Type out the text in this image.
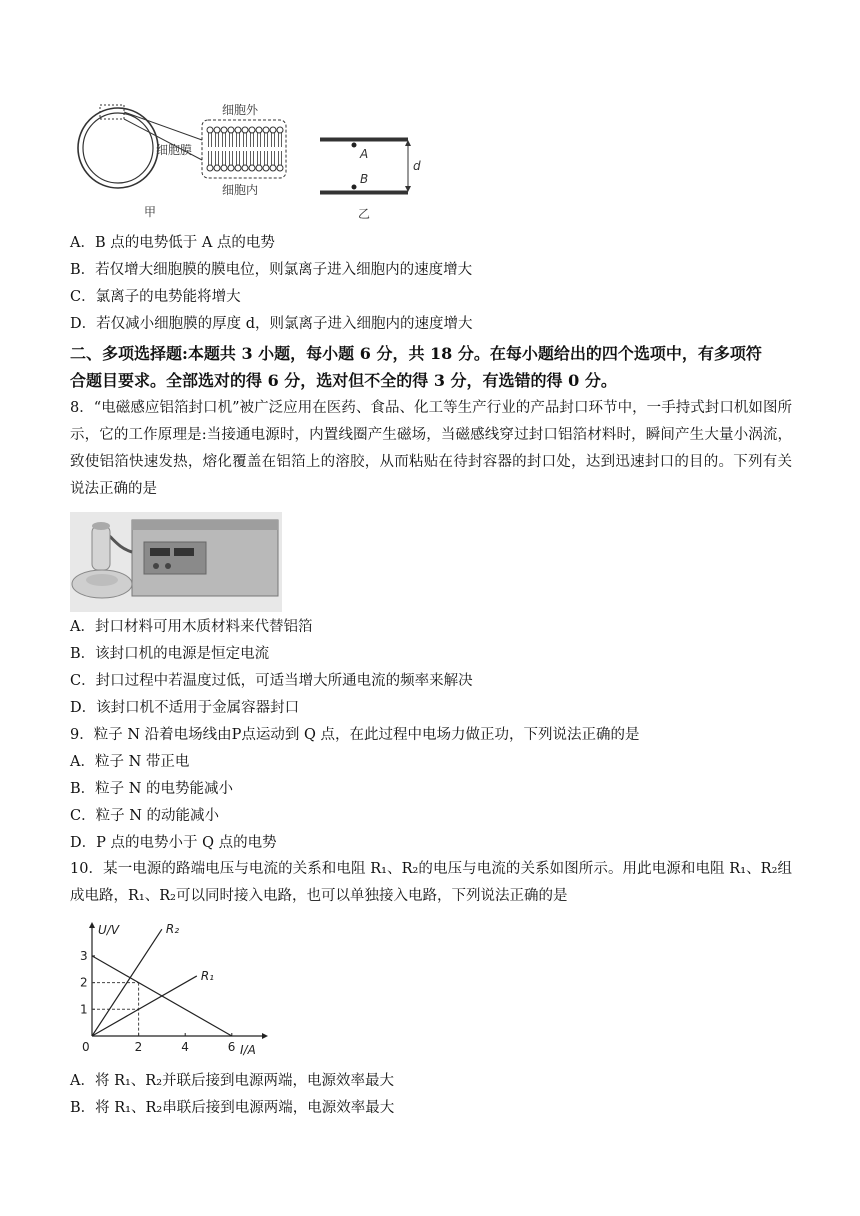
细胞膜
细胞外
细胞内
甲
A
B
d
乙
A．B 点的电势低于 A 点的电势
B．若仅增大细胞膜的膜电位，则氯离子进入细胞内的速度增大
C．氯离子的电势能将增大
D．若仅减小细胞膜的厚度 d，则氯离子进入细胞内的速度增大
二、多项选择题:本题共 3 小题，每小题 6 分，共 18 分。在每小题给出的四个选项中，有多项符
合题目要求。全部选对的得 6 分，选对但不全的得 3 分，有选错的得 0 分。
8．“电磁感应铝箔封口机”被广泛应用在医药、食品、化工等生产行业的产品封口环节中，一手持式封口机如图所示，它的工作原理是:当接通电源时，内置线圈产生磁场，当磁感线穿过封口铝箔材料时，瞬间产生大量小涡流，致使铝箔快速发热，熔化覆盖在铝箔上的溶胶，从而粘贴在待封容器的封口处，达到迅速封口的目的。下列有关说法正确的是
A．封口材料可用木质材料来代替铝箔
B．该封口机的电源是恒定电流
C．封口过程中若温度过低，可适当增大所通电流的频率来解决
D．该封口机不适用于金属容器封口
9．粒子 N 沿着电场线由P点运动到 Q 点，在此过程中电场力做正功，下列说法正确的是
A．粒子 N 带正电
B．粒子 N 的电势能减小
C．粒子 N 的动能减小
D．P 点的电势小于 Q 点的电势
10．某一电源的路端电压与电流的关系和电阻 R₁、R₂的电压与电流的关系如图所示。用此电源和电阻 R₁、R₂组成电路，R₁、R₂可以同时接入电路，也可以单独接入电路，下列说法正确的是
U/V
I/A
0	2	4	6
1
2
3
R₂
R₁
A．将 R₁、R₂并联后接到电源两端，电源效率最大
B．将 R₁、R₂串联后接到电源两端，电源效率最大
